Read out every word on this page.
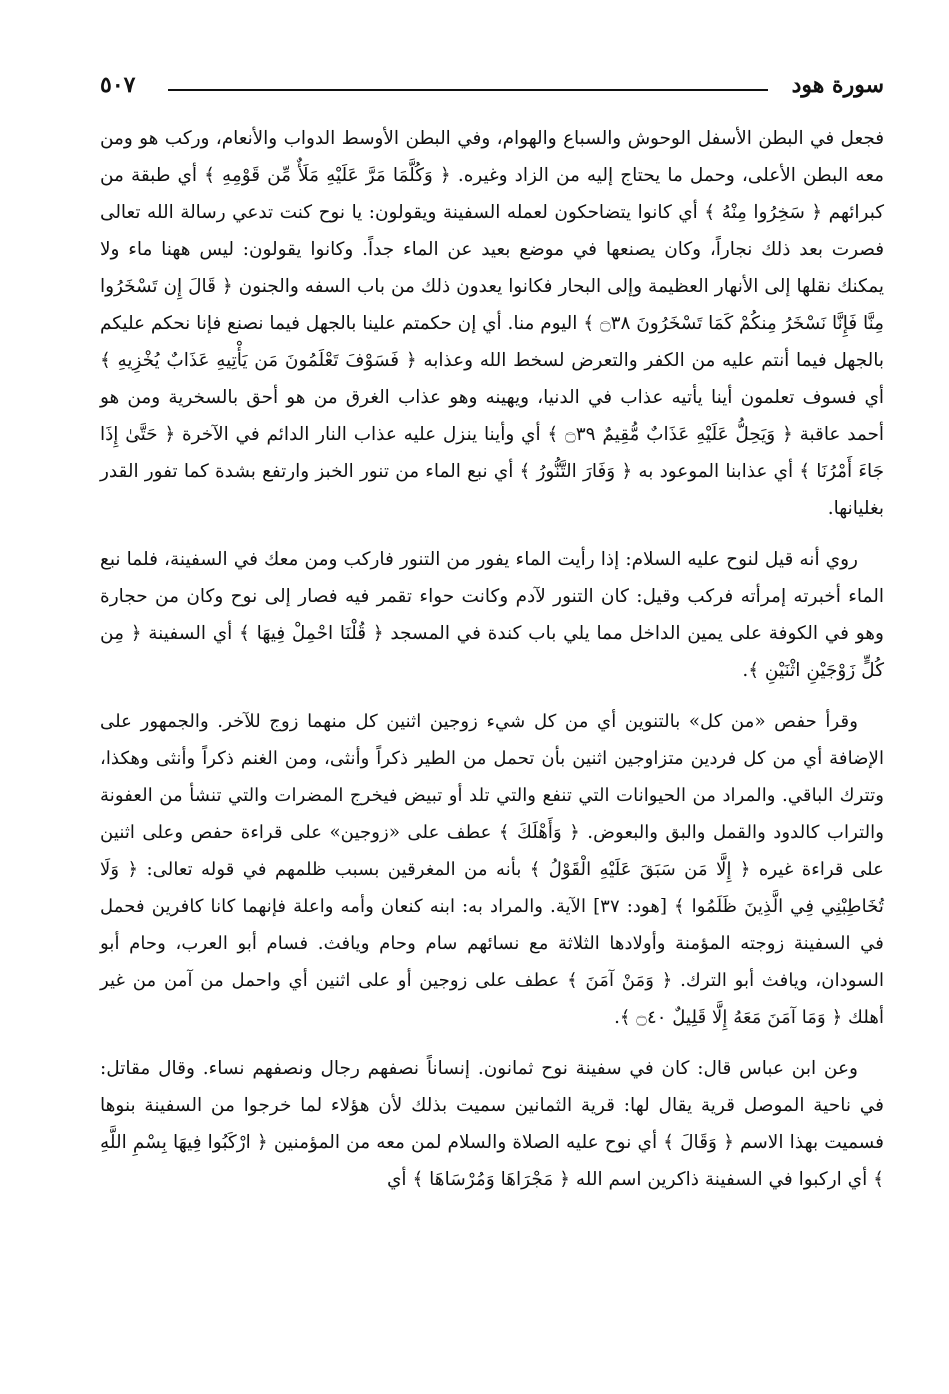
سورة هود
٥٠٧

فجعل في البطن الأسفل الوحوش والسباع والهوام، وفي البطن الأوسط الدواب والأنعام، وركب هو ومن معه البطن الأعلى، وحمل ما يحتاج إليه من الزاد وغيره. ﴿ وَكُلَّمَا مَرَّ عَلَيْهِ مَلَأٌ مِّن قَوْمِهِ ﴾ أي طبقة من كبرائهم ﴿ سَخِرُوا مِنْهُ ﴾ أي كانوا يتضاحكون لعمله السفينة ويقولون: يا نوح كنت تدعي رسالة الله تعالى فصرت بعد ذلك نجاراً، وكان يصنعها في موضع بعيد عن الماء جداً. وكانوا يقولون: ليس ههنا ماء ولا يمكنك نقلها إلى الأنهار العظيمة وإلى البحار فكانوا يعدون ذلك من باب السفه والجنون ﴿ قَالَ إِن تَسْخَرُوا مِنَّا فَإِنَّا نَسْخَرُ مِنكُمْ كَمَا تَسْخَرُونَ ۝٣٨ ﴾ اليوم منا. أي إن حكمتم علينا بالجهل فيما نصنع فإنا نحكم عليكم بالجهل فيما أنتم عليه من الكفر والتعرض لسخط الله وعذابه ﴿ فَسَوْفَ تَعْلَمُونَ مَن يَأْتِيهِ عَذَابٌ يُخْزِيهِ ﴾ أي فسوف تعلمون أينا يأتيه عذاب في الدنيا، ويهينه وهو عذاب الغرق من هو أحق بالسخرية ومن هو أحمد عاقبة ﴿ وَيَحِلُّ عَلَيْهِ عَذَابٌ مُّقِيمٌ ۝٣٩ ﴾ أي وأينا ينزل عليه عذاب النار الدائم في الآخرة ﴿ حَتَّىٰ إِذَا جَاءَ أَمْرُنَا ﴾ أي عذابنا الموعود به ﴿ وَفَارَ التَّنُّورُ ﴾ أي نبع الماء من تنور الخبز وارتفع بشدة كما تفور القدر بغليانها.

روي أنه قيل لنوح عليه السلام: إذا رأيت الماء يفور من التنور فاركب ومن معك في السفينة، فلما نبع الماء أخبرته إمرأته فركب وقيل: كان التنور لآدم وكانت حواء تقمر فيه فصار إلى نوح وكان من حجارة وهو في الكوفة على يمين الداخل مما يلي باب كندة في المسجد ﴿ قُلْنَا احْمِلْ فِيهَا ﴾ أي السفينة ﴿ مِن كُلٍّ زَوْجَيْنِ اثْنَيْنِ ﴾.

وقرأ حفص «من كل» بالتنوين أي من كل شيء زوجين اثنين كل منهما زوج للآخر. والجمهور على الإضافة أي من كل فردين متزاوجين اثنين بأن تحمل من الطير ذكراً وأنثى، ومن الغنم ذكراً وأنثى وهكذا، وتترك الباقي. والمراد من الحيوانات التي تنفع والتي تلد أو تبيض فيخرج المضرات والتي تنشأ من العفونة والتراب كالدود والقمل والبق والبعوض. ﴿ وَأَهْلَكَ ﴾ عطف على «زوجين» على قراءة حفص وعلى اثنين على قراءة غيره ﴿ إِلَّا مَن سَبَقَ عَلَيْهِ الْقَوْلُ ﴾ بأنه من المغرقين بسبب ظلمهم في قوله تعالى: ﴿ وَلَا تُخَاطِبْنِي فِي الَّذِينَ ظَلَمُوا ﴾ [هود: ٣٧] الآية. والمراد به: ابنه كنعان وأمه واعلة فإنهما كانا كافرين فحمل في السفينة زوجته المؤمنة وأولادها الثلاثة مع نسائهم سام وحام ويافث. فسام أبو العرب، وحام أبو السودان، ويافث أبو الترك. ﴿ وَمَنْ آمَنَ ﴾ عطف على زوجين أو على اثنين أي واحمل من آمن من غير أهلك ﴿ وَمَا آمَنَ مَعَهُ إِلَّا قَلِيلٌ ۝٤٠ ﴾.

وعن ابن عباس قال: كان في سفينة نوح ثمانون. إنساناً نصفهم رجال ونصفهم نساء. وقال مقاتل: في ناحية الموصل قرية يقال لها: قرية الثمانين سميت بذلك لأن هؤلاء لما خرجوا من السفينة بنوها فسميت بهذا الاسم ﴿ وَقَالَ ﴾ أي نوح عليه الصلاة والسلام لمن معه من المؤمنين ﴿ ارْكَبُوا فِيهَا بِسْمِ اللَّهِ ﴾ أي اركبوا في السفينة ذاكرين اسم الله ﴿ مَجْرَاهَا وَمُرْسَاهَا ﴾ أي
